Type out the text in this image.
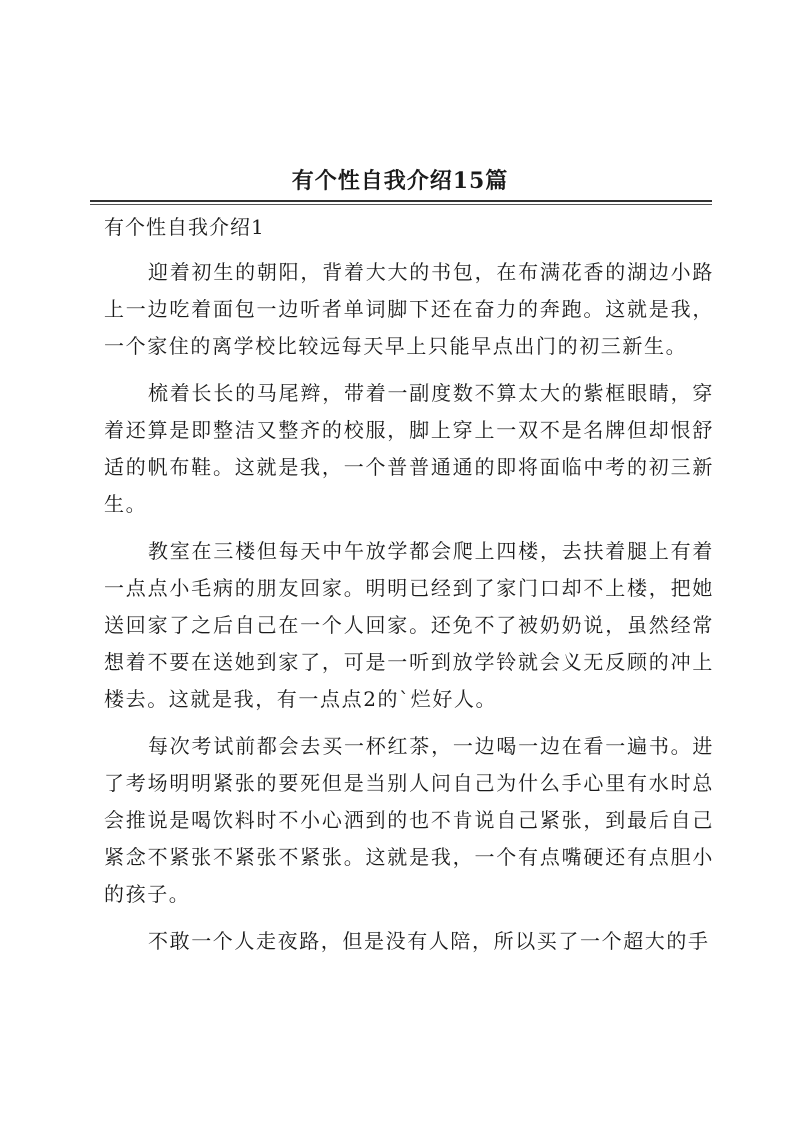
有个性自我介绍15篇
有个性自我介绍1

迎着初生的朝阳，背着大大的书包，在布满花香的湖边小路上一边吃着面包一边听者单词脚下还在奋力的奔跑。这就是我，一个家住的离学校比较远每天早上只能早点出门的初三新生。

梳着长长的马尾辫，带着一副度数不算太大的紫框眼睛，穿着还算是即整洁又整齐的校服，脚上穿上一双不是名牌但却恨舒适的帆布鞋。这就是我，一个普普通通的即将面临中考的初三新生。

教室在三楼但每天中午放学都会爬上四楼，去扶着腿上有着一点点小毛病的朋友回家。明明已经到了家门口却不上楼，把她送回家了之后自己在一个人回家。还免不了被奶奶说，虽然经常想着不要在送她到家了，可是一听到放学铃就会义无反顾的冲上楼去。这就是我，有一点点2的`烂好人。

每次考试前都会去买一杯红茶，一边喝一边在看一遍书。进了考场明明紧张的要死但是当别人问自己为什么手心里有水时总会推说是喝饮料时不小心洒到的也不肯说自己紧张，到最后自己紧念不紧张不紧张不紧张。这就是我，一个有点嘴硬还有点胆小的孩子。

不敢一个人走夜路，但是没有人陪，所以买了一个超大的手
